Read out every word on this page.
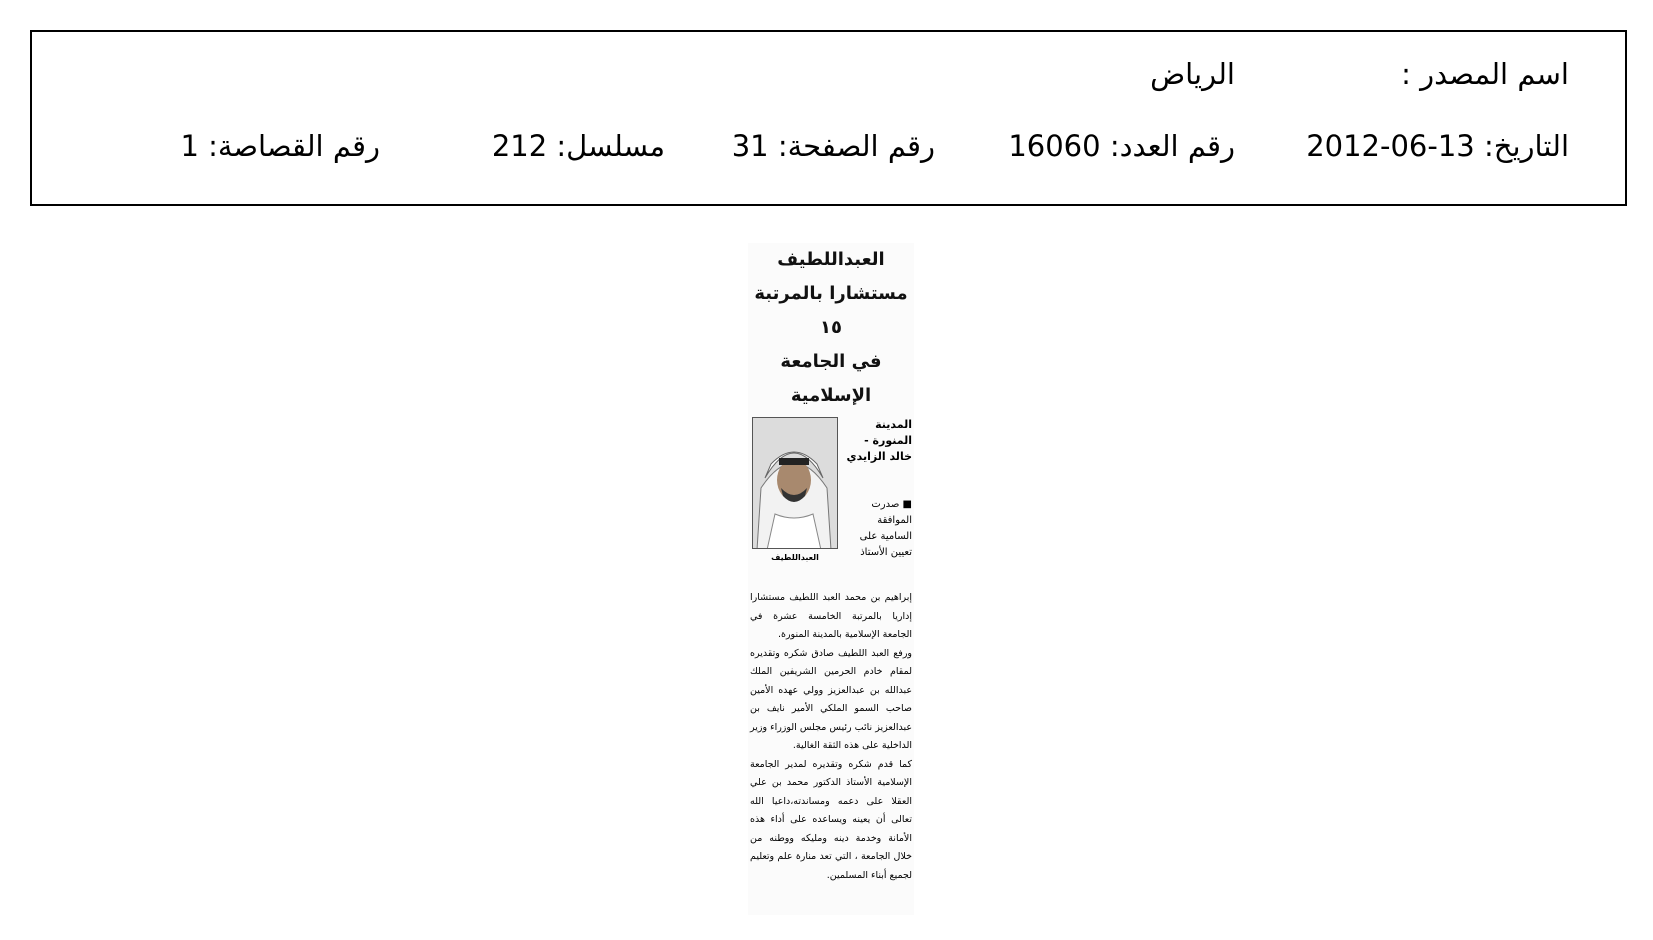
اسم المصدر :
الرياض
التاريخ: 2012-06-13
رقم العدد: 16060
رقم الصفحة: 31
مسلسل: 212
رقم القصاصة: 1

العبداللطيف

مستشارا بالمرتبة ١٥

في الجامعة الإسلامية

العبداللطيف
المدينة المنورة - خالد الزايدي
■ صدرت الموافقة السامية على تعيين الأستاذ

إبراهيم بن محمد العبد اللطيف مستشارا إداريا بالمرتبة الخامسة عشرة في الجامعة الإسلامية بالمدينة المنورة.

ورفع العبد اللطيف صادق شكره وتقديره لمقام خادم الحرمين الشريفين الملك عبدالله بن عبدالعزيز وولي عهده الأمين صاحب السمو الملكي الأمير نايف بن عبدالعزيز نائب رئيس مجلس الوزراء وزير الداخلية على هذه الثقة الغالية.

كما قدم شكره وتقديره لمدير الجامعة الإسلامية الأستاذ الدكتور محمد بن علي العقلا على دعمه ومساندته،داعيا الله تعالى أن يعينه ويساعده على أداء هذه الأمانة وخدمة دينه ومليكه ووطنه من خلال الجامعة ، التي تعد منارة علم وتعليم لجميع أبناء المسلمين.
